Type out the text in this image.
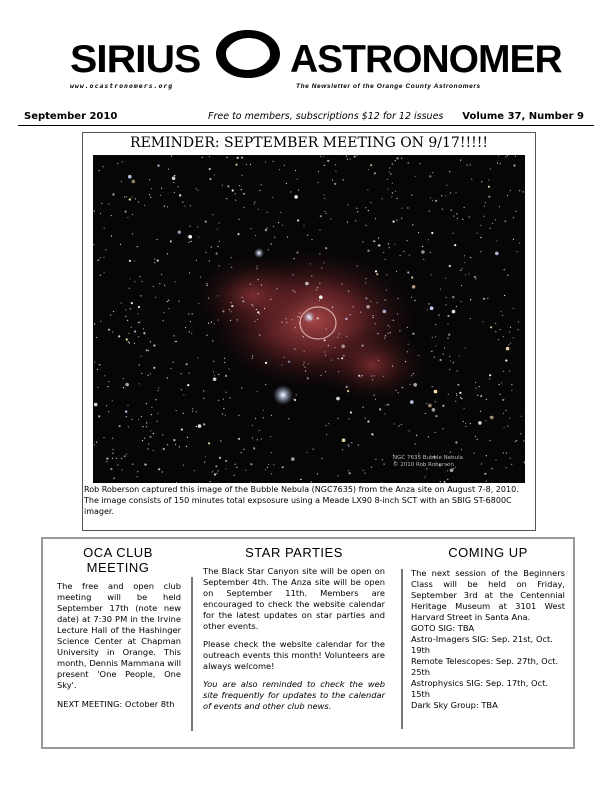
SIRIUS ASTRONOMER
www.ocastronomers.org	The Newsletter of the Orange County Astronomers
September 2010	Free to members, subscriptions $12 for 12 issues Volume 37, Number 9
REMINDER: SEPTEMBER MEETING ON 9/17!!!!!
NGC 7635 Bubble Nebula
© 2010 Rob Roberson
Rob Roberson captured this image of the Bubble Nebula (NGC7635) from the Anza site on August 7-8, 2010. The image consists of 150 minutes total expsosure using a Meade LX90 8-inch SCT with an SBIG ST-6800C imager.
OCA CLUB MEETING

The free and open club meeting will be held September 17th (note new date) at 7:30 PM in the Irvine Lecture Hall of the Hashinger Science Center at Chapman University in Orange. This month, Dennis Mammana will present 'One People, One Sky'.

NEXT MEETING: October 8th

STAR PARTIES

The Black Star Canyon site will be open on September 4th. The Anza site will be open on September 11th. Members are encouraged to check the website calendar for the latest updates on star parties and other events.

Please check the website calendar for the outreach events this month! Volunteers are always welcome!

You are also reminded to check the web site frequently for updates to the calendar of events and other club news.

COMING UP

The next session of the Beginners Class will be held on Friday, September 3rd at the Centennial Heritage Museum at 3101 West Harvard Street in Santa Ana.

GOTO SIG: TBA
Astro-Imagers SIG: Sep. 21st, Oct. 19th
Remote Telescopes: Sep. 27th, Oct. 25th
Astrophysics SIG: Sep. 17th, Oct. 15th
Dark Sky Group: TBA
